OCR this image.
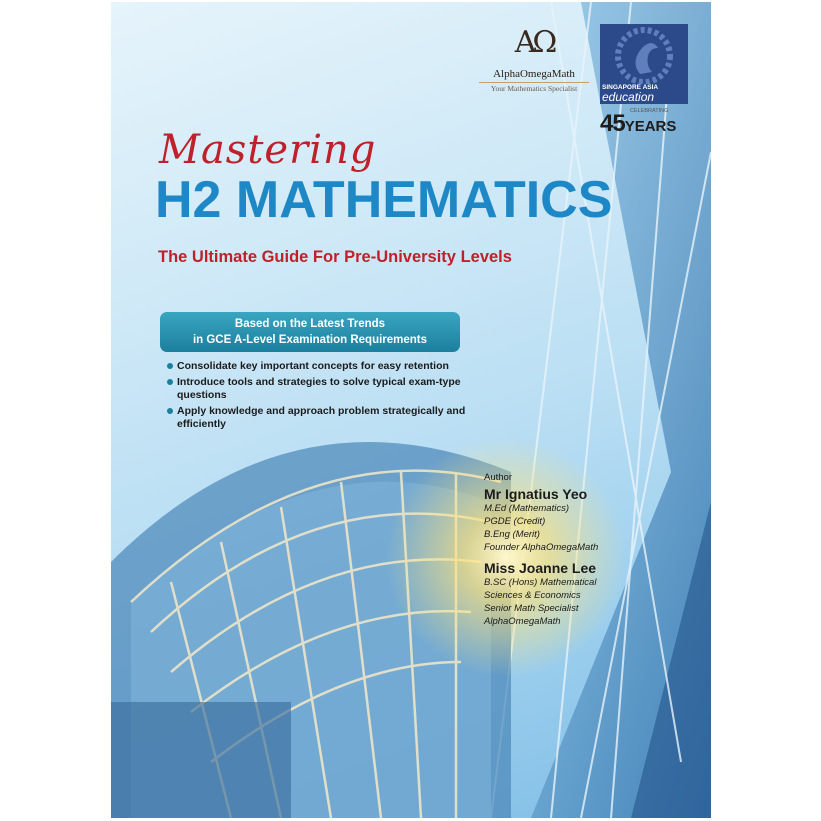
AΩ
AlphaOmegaMath
Your Mathematics Specialist	SINGAPORE ASIA
education
CELEBRATING
45YEARS
Mastering
H2 MATHEMATICS
The Ultimate Guide For Pre-University Levels
Based on the Latest Trends
in GCE A-Level Examination Requirements
Consolidate key important concepts for easy retention
Introduce tools and strategies to solve typical exam-type questions
Apply knowledge and approach problem strategically and efficiently
Author
Mr Ignatius Yeo
M.Ed (Mathematics)
PGDE (Credit)
B.Eng (Merit)
Founder AlphaOmegaMath
Miss Joanne Lee
B.SC (Hons) Mathematical
Sciences & Economics
Senior Math Specialist
AlphaOmegaMath
